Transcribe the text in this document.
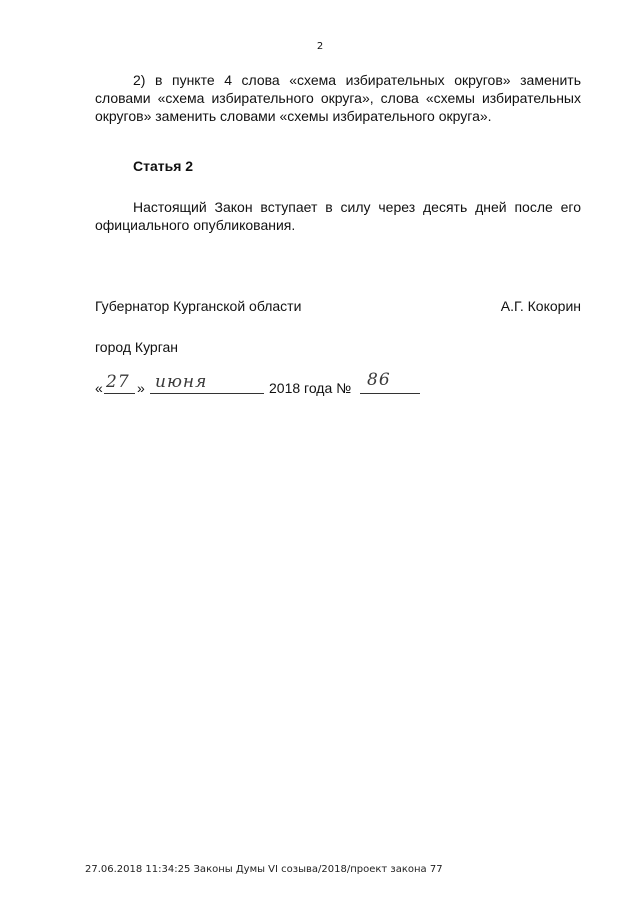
2
2) в пункте 4 слова «схема избирательных округов» заменить словами «схема избирательного округа», слова «схемы избирательных округов» заменить словами «схемы избирательного округа».
Статья 2
Настоящий Закон вступает в силу через десять дней после его официального опубликования.
Губернатор Курганской области	А.Г. Кокорин
город Курган
« 27 » июня	2018 года № 86
27.06.2018 11:34:25 Законы Думы VI созыва/2018/проект закона 77
